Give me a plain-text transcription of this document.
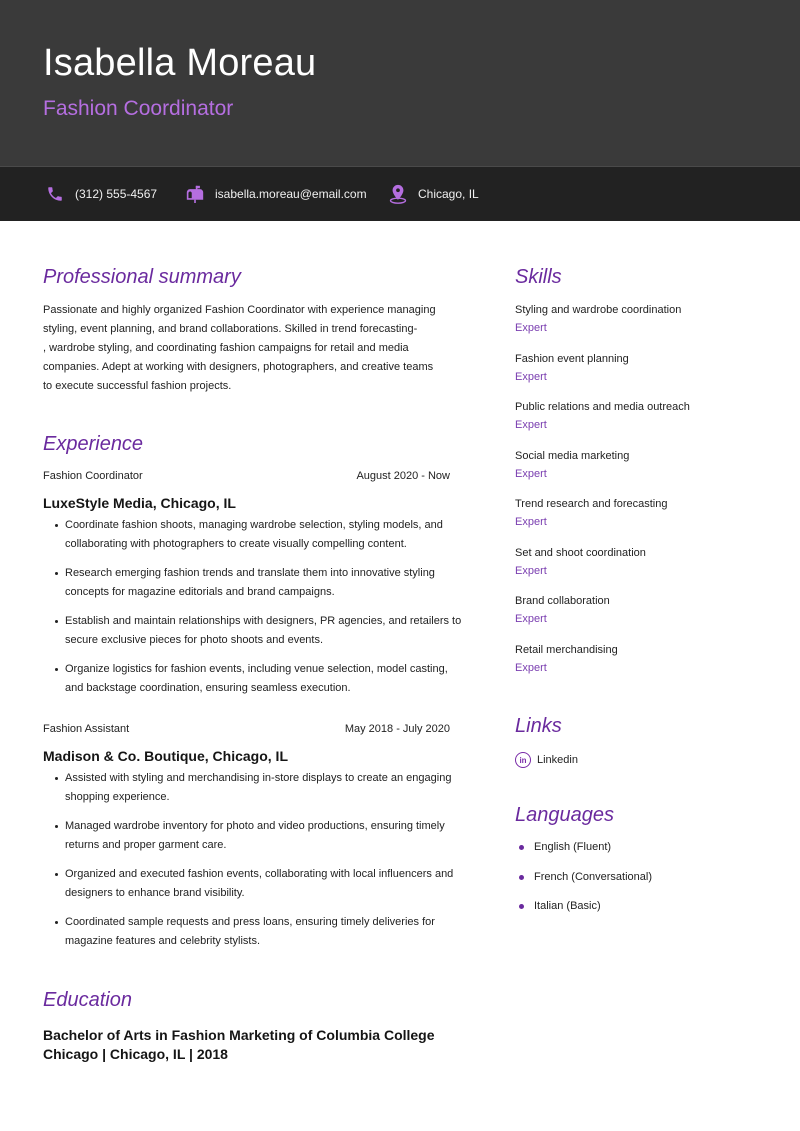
Isabella Moreau
Fashion Coordinator
(312) 555-4567	isabella.moreau@email.com	Chicago, IL
Professional summary
Passionate and highly organized Fashion Coordinator with experience managing
styling, event planning, and brand collaborations. Skilled in trend forecasting-
, wardrobe styling, and coordinating fashion campaigns for retail and media
companies. Adept at working with designers, photographers, and creative teams
to execute successful fashion projects.
Experience
Fashion Coordinator	August 2020 - Now
LuxeStyle Media, Chicago, IL
Coordinate fashion shoots, managing wardrobe selection, styling models, and collaborating with photographers to create visually compelling content.
Research emerging fashion trends and translate them into innovative styling concepts for magazine editorials and brand campaigns.
Establish and maintain relationships with designers, PR agencies, and retailers to secure exclusive pieces for photo shoots and events.
Organize logistics for fashion events, including venue selection, model casting, and backstage coordination, ensuring seamless execution.
Fashion Assistant	May 2018 - July 2020
Madison & Co. Boutique, Chicago, IL
Assisted with styling and merchandising in-store displays to create an engaging shopping experience.
Managed wardrobe inventory for photo and video productions, ensuring timely returns and proper garment care.
Organized and executed fashion events, collaborating with local influencers and designers to enhance brand visibility.
Coordinated sample requests and press loans, ensuring timely deliveries for magazine features and celebrity stylists.
Education
Bachelor of Arts in Fashion Marketing of Columbia College
Chicago | Chicago, IL | 2018
Skills
Styling and wardrobe coordination
Expert
Fashion event planning
Expert
Public relations and media outreach
Expert
Social media marketing
Expert
Trend research and forecasting
Expert
Set and shoot coordination
Expert
Brand collaboration
Expert
Retail merchandising
Expert
Links
in Linkedin
Languages
English (Fluent)
French (Conversational)
Italian (Basic)
